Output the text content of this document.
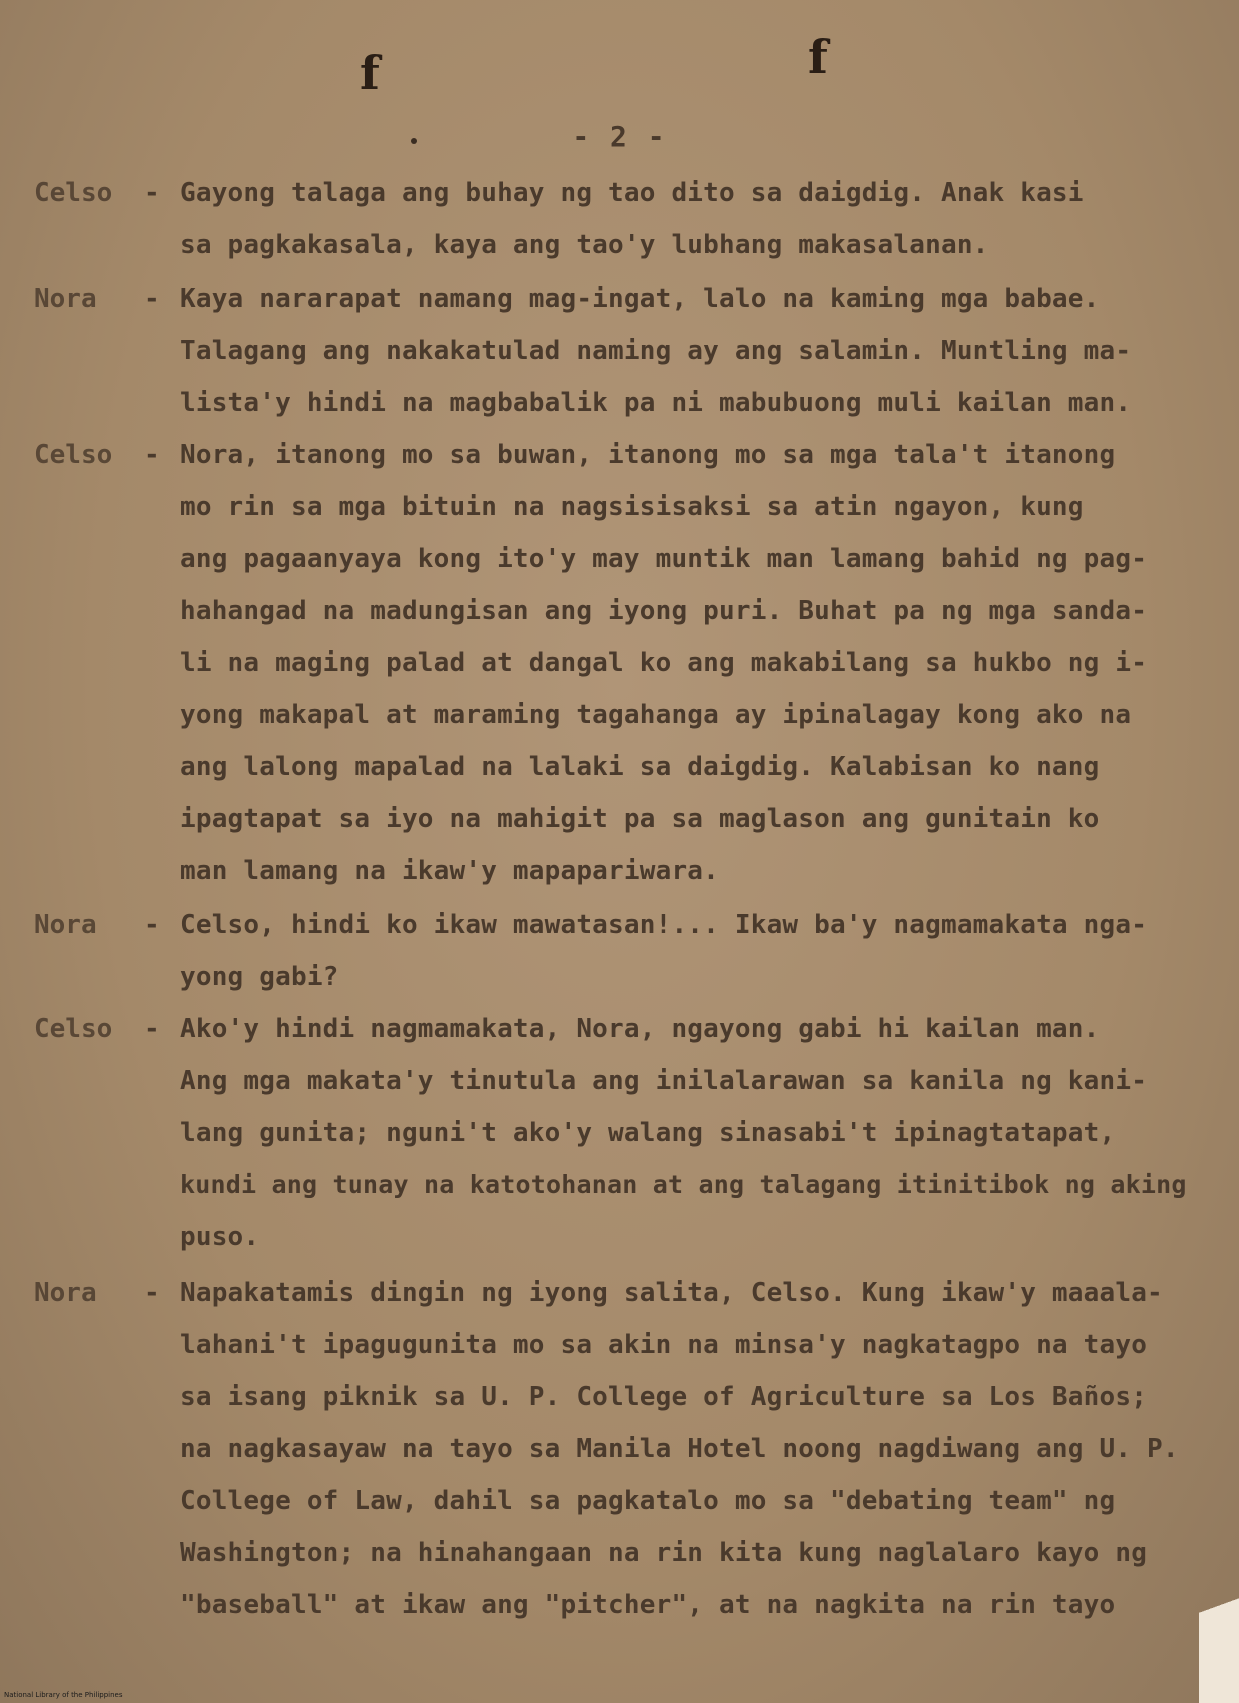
f	f
- 2 -
Celso - Gayong talaga ang buhay ng tao dito sa daigdig. Anak kasi
sa pagkakasala, kaya ang tao'y lubhang makasalanan.
Nora - Kaya nararapat namang mag-ingat, lalo na kaming mga babae.
Talagang ang nakakatulad naming ay ang salamin. Muntling ma-
lista'y hindi na magbabalik pa ni mabubuong muli kailan man.
Celso - Nora, itanong mo sa buwan, itanong mo sa mga tala't itanong
mo rin sa mga bituin na nagsisisaksi sa atin ngayon, kung
ang pagaanyaya kong ito'y may muntik man lamang bahid ng pag-
hahangad na madungisan ang iyong puri. Buhat pa ng mga sanda-
li na maging palad at dangal ko ang makabilang sa hukbo ng i-
yong makapal at maraming tagahanga ay ipinalagay kong ako na
ang lalong mapalad na lalaki sa daigdig. Kalabisan ko nang
ipagtapat sa iyo na mahigit pa sa maglason ang gunitain ko
man lamang na ikaw'y mapapariwara.
Nora - Celso, hindi ko ikaw mawatasan!... Ikaw ba'y nagmamakata nga-
yong gabi?
Celso - Ako'y hindi nagmamakata, Nora, ngayong gabi hi kailan man.
Ang mga makata'y tinutula ang inilalarawan sa kanila ng kani-
lang gunita; nguni't ako'y walang sinasabi't ipinagtatapat,
kundi ang tunay na katotohanan at ang talagang itinitibok ng aking
puso.
Nora - Napakatamis dingin ng iyong salita, Celso. Kung ikaw'y maaala-
lahani't ipagugunita mo sa akin na minsa'y nagkatagpo na tayo
sa isang piknik sa U. P. College of Agriculture sa Los Baños;
na nagkasayaw na tayo sa Manila Hotel noong nagdiwang ang U. P.
College of Law, dahil sa pagkatalo mo sa "debating team" ng
Washington; na hinahangaan na rin kita kung naglalaro kayo ng
"baseball" at ikaw ang "pitcher", at na nagkita na rin tayo
National Library of the Philippines
